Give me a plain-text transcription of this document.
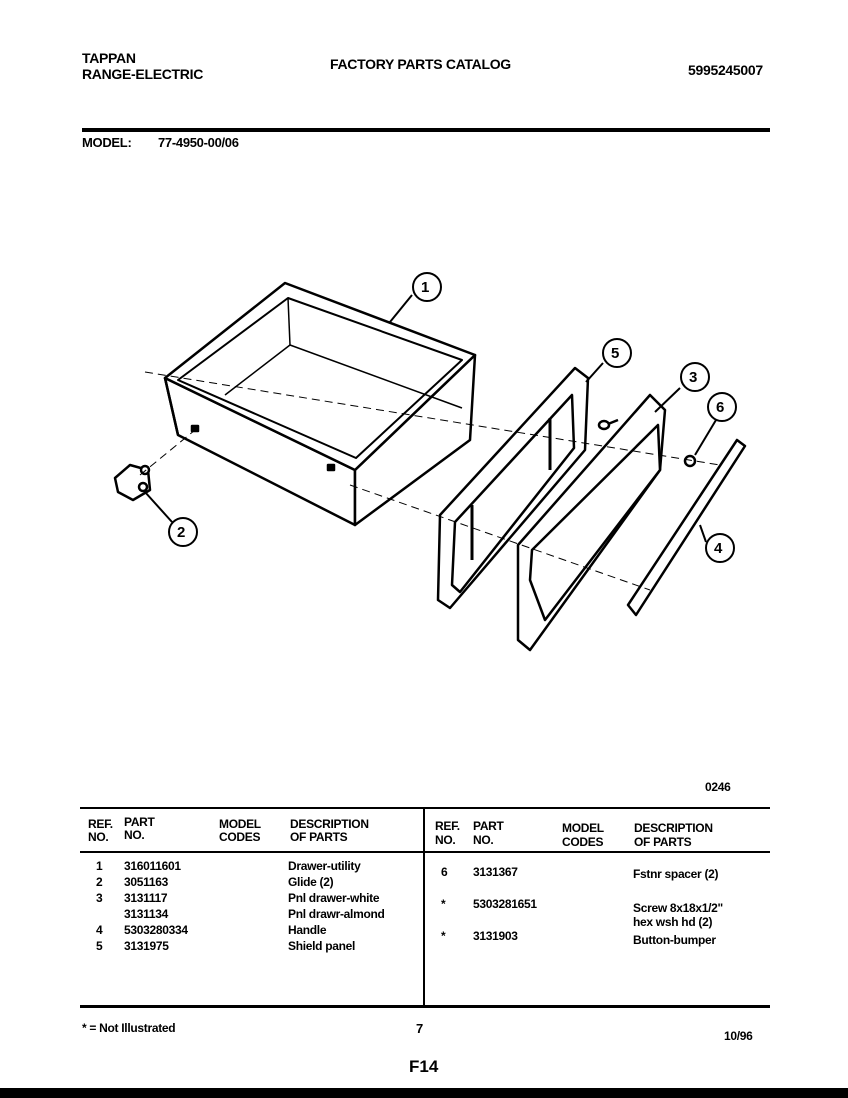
TAPPAN
RANGE-ELECTRIC
FACTORY PARTS CATALOG	5995245007
MODEL: 77-4950-00/06
1
2
3
4
5
6
0246
REF.
NO.
PART
NO.
MODEL
CODES
DESCRIPTION
OF PARTS
REF.
NO.
PART
NO.
MODEL
CODES
DESCRIPTION
OF PARTS
1 316011601	Drawer-utility
2 3051163	Glide (2)
3 3131117	Pnl drawer-white
3131134	Pnl drawr-almond
4 5303280334	Handle
5 3131975	Shield panel
6 3131367	Fstnr spacer (2)
* 5303281651	Screw 8x18x1/2"
hex wsh hd (2)
* 3131903	Button-bumper
* = Not Illustrated	7	10/96
F14
